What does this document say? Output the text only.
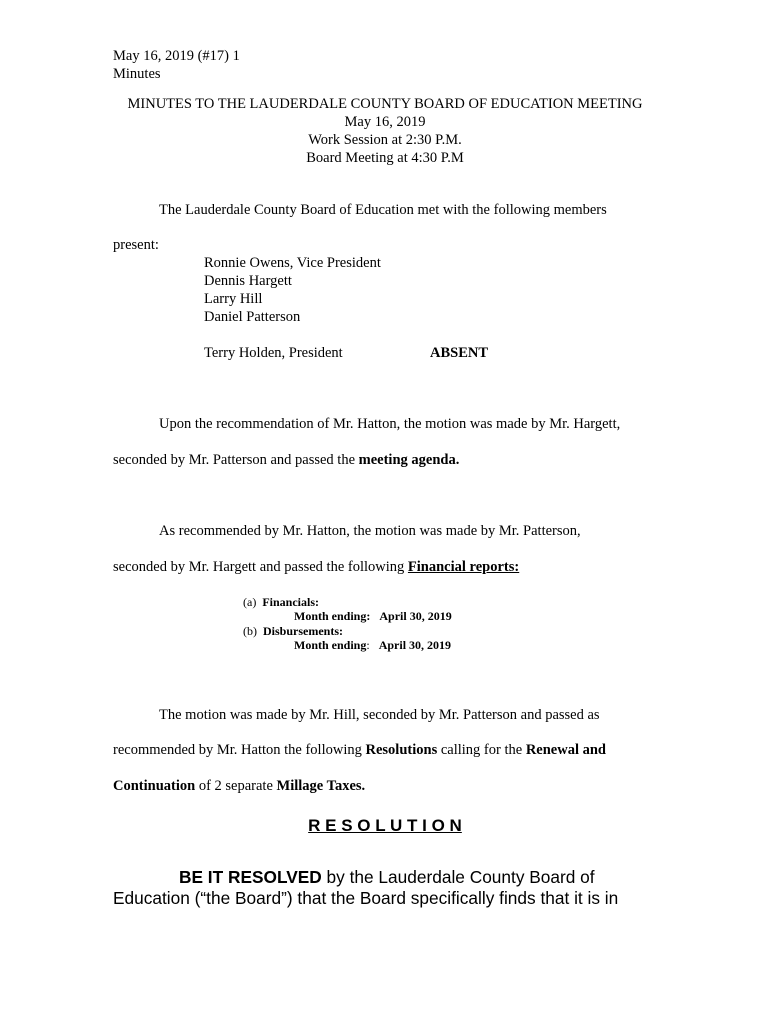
May 16, 2019 (#17) 1
Minutes
MINUTES TO THE LAUDERDALE COUNTY BOARD OF EDUCATION MEETING
May 16, 2019
Work Session at 2:30 P.M.
Board Meeting at 4:30 P.M
The Lauderdale County Board of Education met with the following members
present:
Ronnie Owens, Vice President
Dennis Hargett
Larry Hill
Daniel Patterson
Terry Holden, President	ABSENT
Upon the recommendation of Mr. Hatton, the motion was made by Mr. Hargett,
seconded by Mr. Patterson and passed the meeting agenda.
As recommended by Mr. Hatton, the motion was made by Mr. Patterson,
seconded by Mr. Hargett and passed the following Financial reports:
(a) Financials:
Month ending: April 30, 2019
(b) Disbursements:
Month ending: April 30, 2019
The motion was made by Mr. Hill, seconded by Mr. Patterson and passed as
recommended by Mr. Hatton the following Resolutions calling for the Renewal and
Continuation of 2 separate Millage Taxes.
R E S O L U T I O N
BE IT RESOLVED by the Lauderdale County Board of
Education (“the Board”) that the Board specifically finds that it is in
